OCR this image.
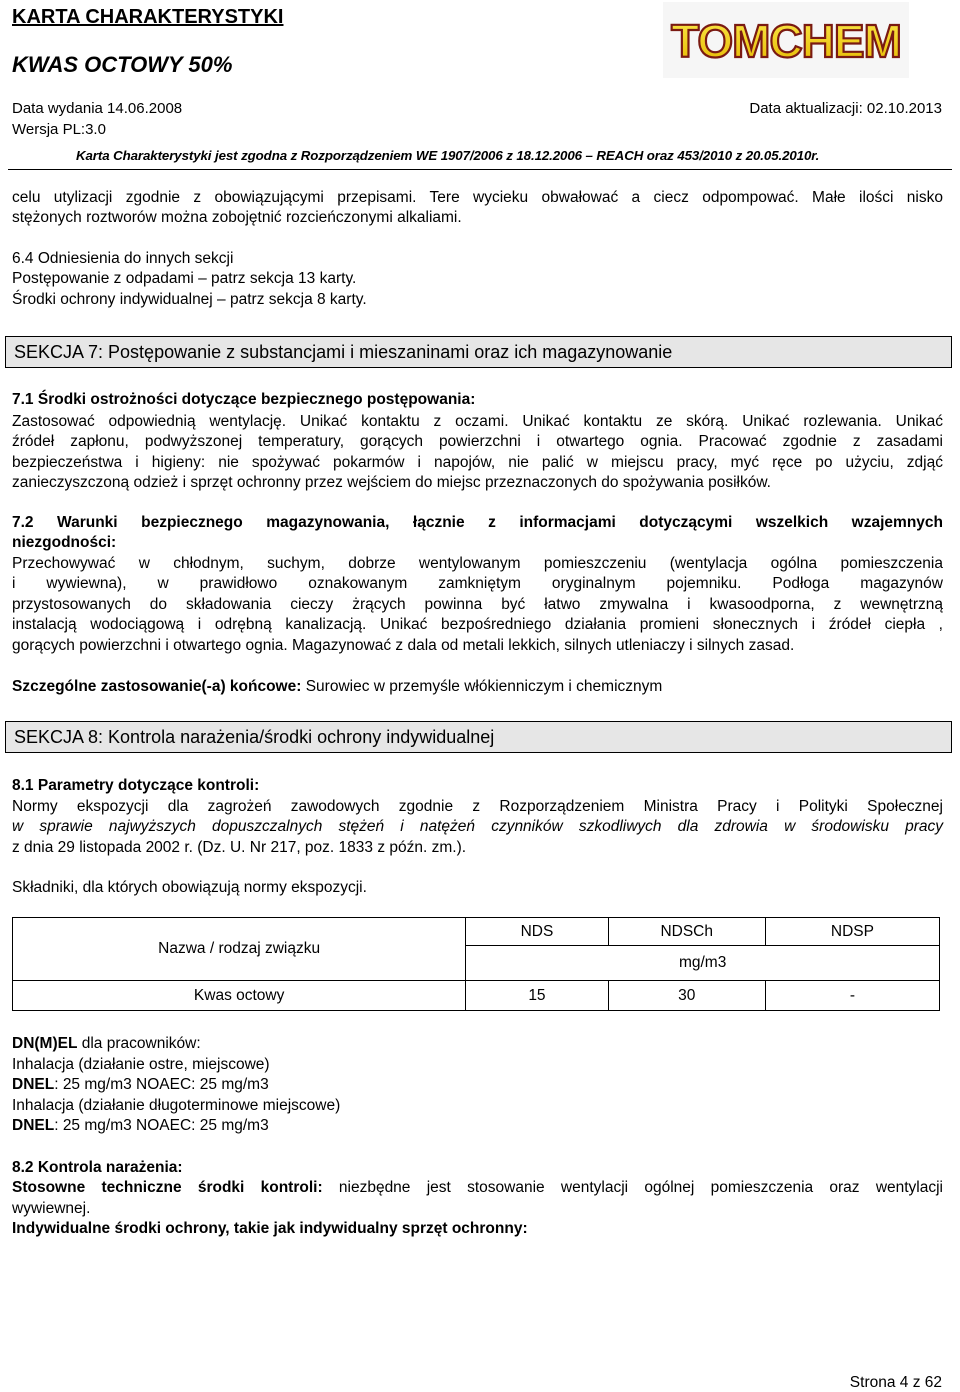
KARTA CHARAKTERYSTYKI
KWAS OCTOWY 50%	TOMCHEM
Data wydania 14.06.2008	Data aktualizacji: 02.10.2013
Wersja PL:3.0
Karta Charakterystyki jest zgodna z Rozporządzeniem WE 1907/2006 z 18.12.2006 – REACH oraz 453/2010 z 20.05.2010r.
celu utylizacji zgodnie z obowiązującymi przepisami. Tere wycieku obwałować a ciecz odpompować. Małe ilości nisko
stężonych roztworów można zobojętnić rozcieńczonymi alkaliami.
6.4 Odniesienia do innych sekcji
Postępowanie z odpadami – patrz sekcja 13 karty.
Środki ochrony indywidualnej – patrz sekcja 8 karty.
SEKCJA 7: Postępowanie z substancjami i mieszaninami oraz ich magazynowanie
7.1 Środki ostrożności dotyczące bezpiecznego postępowania:
Zastosować odpowiednią wentylację. Unikać kontaktu z oczami. Unikać kontaktu ze skórą. Unikać rozlewania. Unikać
źródeł zapłonu, podwyższonej temperatury, gorących powierzchni i otwartego ognia. Pracować zgodnie z zasadami
bezpieczeństwa i higieny: nie spożywać pokarmów i napojów, nie palić w miejscu pracy, myć ręce po użyciu, zdjąć
zanieczyszczoną odzież i sprzęt ochronny przez wejściem do miejsc przeznaczonych do spożywania posiłków.
7.2 Warunki bezpiecznego magazynowania, łącznie z informacjami dotyczącymi wszelkich wzajemnych
niezgodności:
Przechowywać w chłodnym, suchym, dobrze wentylowanym pomieszczeniu (wentylacja ogólna pomieszczenia
i wywiewna), w prawidłowo oznakowanym zamkniętym oryginalnym pojemniku. Podłoga magazynów
przystosowanych do składowania cieczy żrących powinna być łatwo zmywalna i kwasoodporna, z wewnętrzną
instalacją wodociągową i odrębną kanalizacją. Unikać bezpośredniego działania promieni słonecznych i źródeł ciepła ,
gorących powierzchni i otwartego ognia. Magazynować z dala od metali lekkich, silnych utleniaczy i silnych zasad.
Szczególne zastosowanie(-a) końcowe: Surowiec w przemyśle włókienniczym i chemicznym
SEKCJA 8: Kontrola narażenia/środki ochrony indywidualnej
8.1 Parametry dotyczące kontroli:
Normy ekspozycji dla zagrożeń zawodowych zgodnie z Rozporządzeniem Ministra Pracy i Polityki Społecznej
w sprawie najwyższych dopuszczalnych stężeń i natężeń czynników szkodliwych dla zdrowia w środowisku pracy
z dnia 29 listopada 2002 r. (Dz. U. Nr 217, poz. 1833 z późn. zm.).
Składniki, dla których obowiązują normy ekspozycji.
Nazwa / rodzaj związku	NDS	NDSCh	NDSP
	mg/m3		
Kwas octowy	15	30	-
DN(M)EL dla pracowników:
Inhalacja (działanie ostre, miejscowe)
DNEL: 25 mg/m3 NOAEC: 25 mg/m3
Inhalacja (działanie długoterminowe miejscowe)
DNEL: 25 mg/m3 NOAEC: 25 mg/m3
8.2 Kontrola narażenia:
Stosowne techniczne środki kontroli: niezbędne jest stosowanie wentylacji ogólnej pomieszczenia oraz wentylacji
wywiewnej.
Indywidualne środki ochrony, takie jak indywidualny sprzęt ochronny:
Strona 4 z 62
